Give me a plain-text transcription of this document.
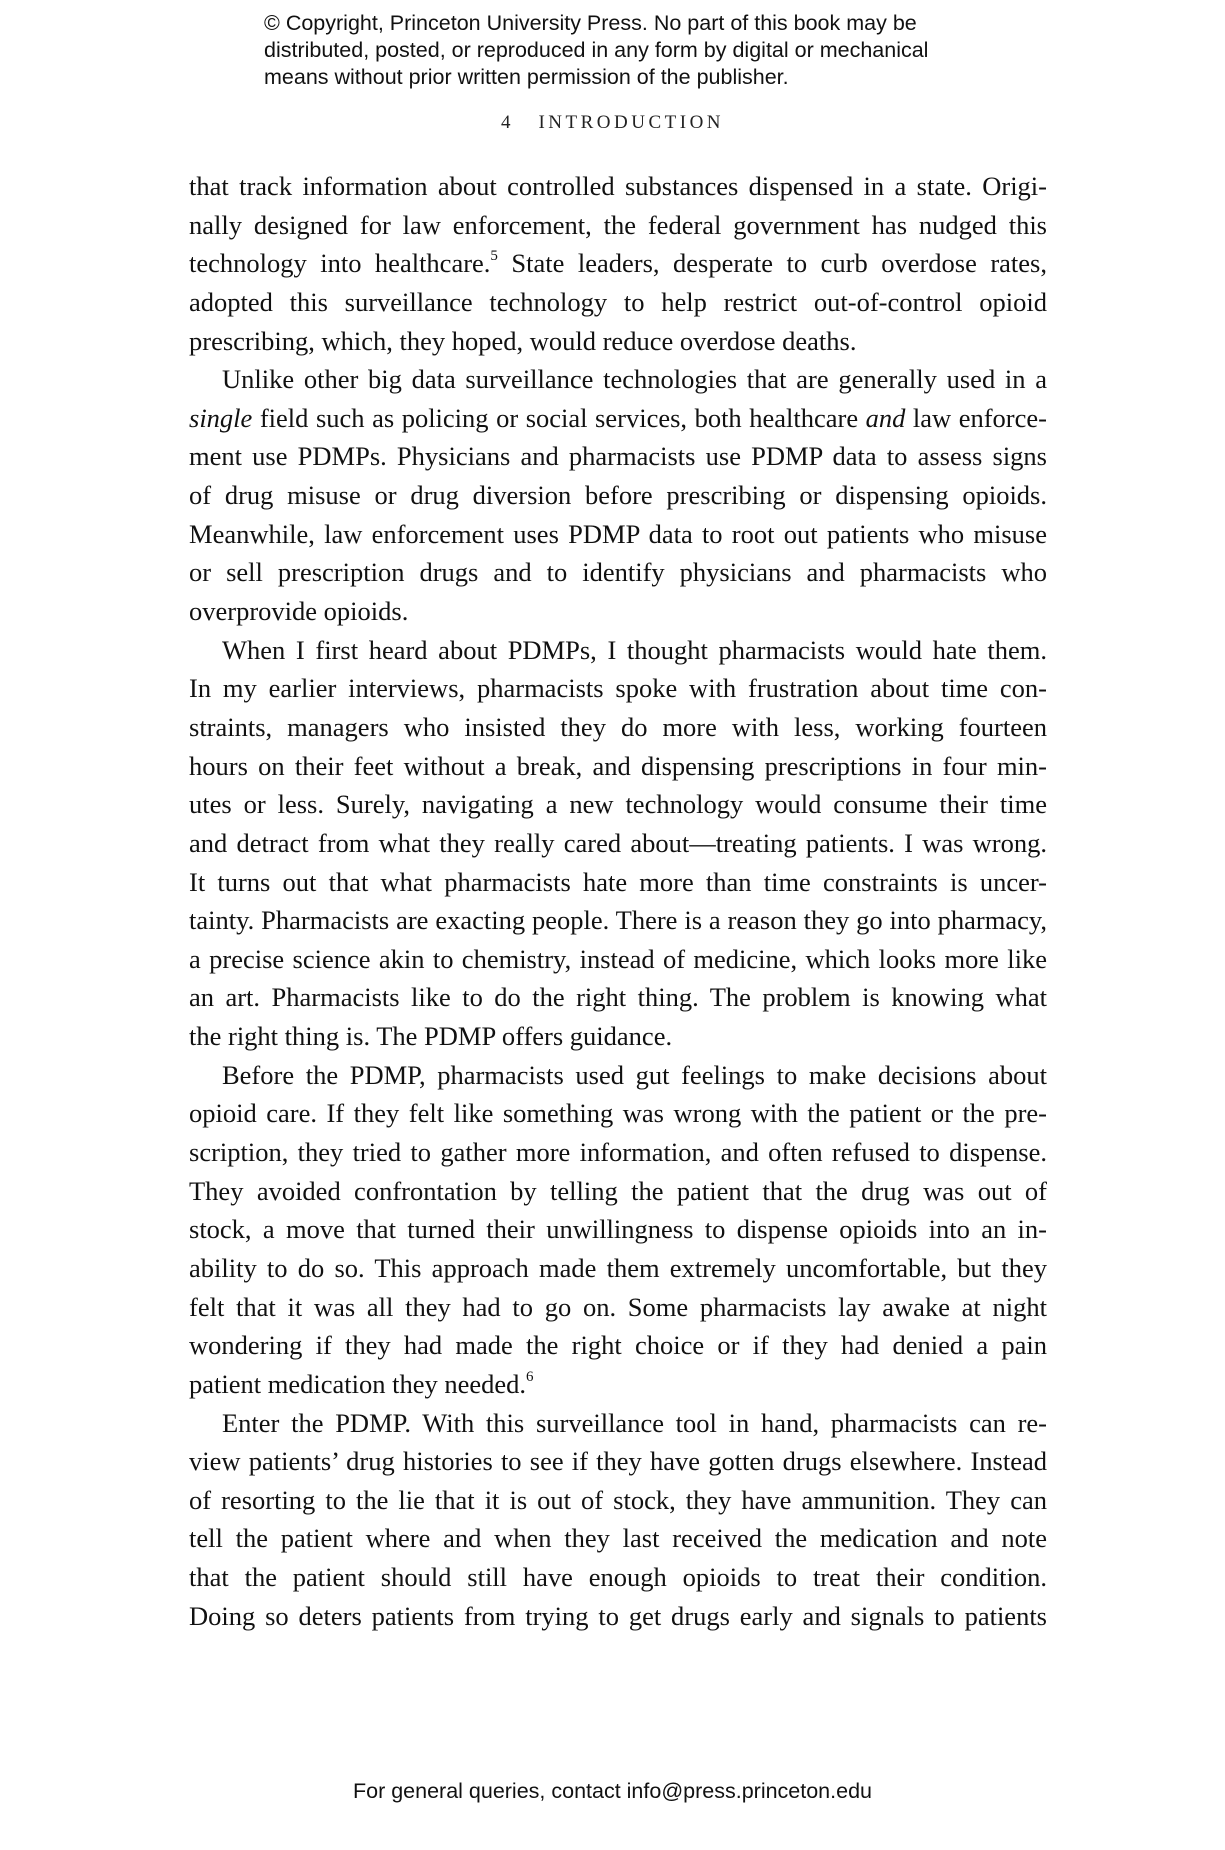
© Copyright, Princeton University Press. No part of this book may be
distributed, posted, or reproduced in any form by digital or mechanical
means without prior written permission of the publisher.
4 INTRODUCTION
that track information about controlled substances dispensed in a state. Origi-
nally designed for law enforcement, the federal government has nudged this
technology into healthcare.$^5$ State leaders, desperate to curb overdose rates,
adopted this surveillance technology to help restrict out-of-control opioid
prescribing, which, they hoped, would reduce overdose deaths.
Unlike other big data surveillance technologies that are generally used in a
single field such as policing or social services, both healthcare and law enforce-
ment use PDMPs. Physicians and pharmacists use PDMP data to assess signs
of drug misuse or drug diversion before prescribing or dispensing opioids.
Meanwhile, law enforcement uses PDMP data to root out patients who misuse
or sell prescription drugs and to identify physicians and pharmacists who
overprovide opioids.
When I first heard about PDMPs, I thought pharmacists would hate them.
In my earlier interviews, pharmacists spoke with frustration about time con-
straints, managers who insisted they do more with less, working fourteen
hours on their feet without a break, and dispensing prescriptions in four min-
utes or less. Surely, navigating a new technology would consume their time
and detract from what they really cared about—treating patients. I was wrong.
It turns out that what pharmacists hate more than time constraints is uncer-
tainty. Pharmacists are exacting people. There is a reason they go into pharmacy,
a precise science akin to chemistry, instead of medicine, which looks more like
an art. Pharmacists like to do the right thing. The problem is knowing what
the right thing is. The PDMP offers guidance.
Before the PDMP, pharmacists used gut feelings to make decisions about
opioid care. If they felt like something was wrong with the patient or the pre-
scription, they tried to gather more information, and often refused to dispense.
They avoided confrontation by telling the patient that the drug was out of
stock, a move that turned their unwillingness to dispense opioids into an in-
ability to do so. This approach made them extremely uncomfortable, but they
felt that it was all they had to go on. Some pharmacists lay awake at night
wondering if they had made the right choice or if they had denied a pain
patient medication they needed.$^6$
Enter the PDMP. With this surveillance tool in hand, pharmacists can re-
view patients’ drug histories to see if they have gotten drugs elsewhere. Instead
of resorting to the lie that it is out of stock, they have ammunition. They can
tell the patient where and when they last received the medication and note
that the patient should still have enough opioids to treat their condition.
Doing so deters patients from trying to get drugs early and signals to patients
For general queries, contact info@press.princeton.edu
